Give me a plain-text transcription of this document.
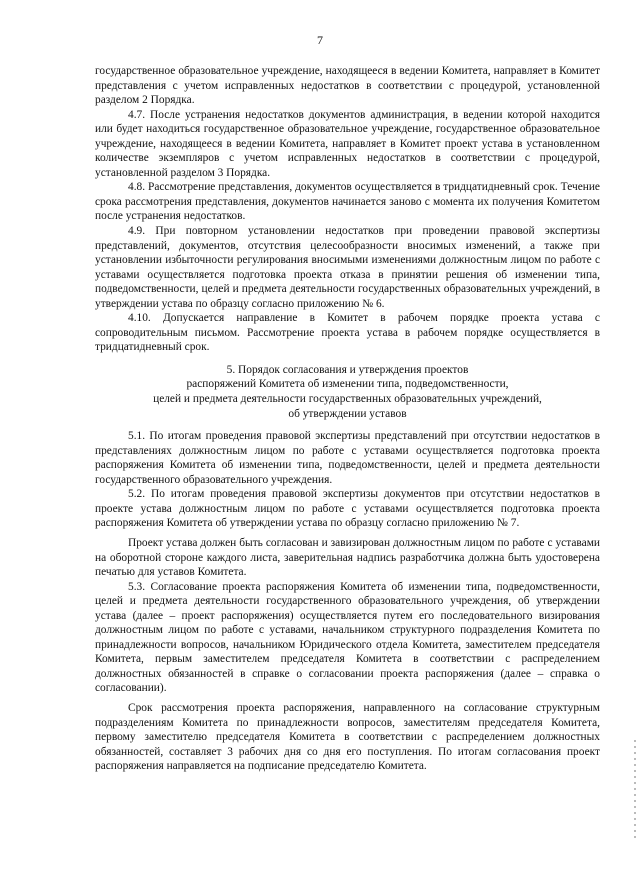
7

государственное образовательное учреждение, находящееся в ведении Комитета, направляет в Комитет представления с учетом исправленных недостатков в соответствии с процедурой, установленной разделом 2 Порядка.

4.7. После устранения недостатков документов администрация, в ведении которой находится или будет находиться государственное образовательное учреждение, государственное образовательное учреждение, находящееся в ведении Комитета, направляет в Комитет проект устава в установленном количестве экземпляров с учетом исправленных недостатков в соответствии с процедурой, установленной разделом 3 Порядка.

4.8. Рассмотрение представления, документов осуществляется в тридцатидневный срок. Течение срока рассмотрения представления, документов начинается заново с момента их получения Комитетом после устранения недостатков.

4.9. При повторном установлении недостатков при проведении правовой экспертизы представлений, документов, отсутствия целесообразности вносимых изменений, а также при установлении избыточности регулирования вносимыми изменениями должностным лицом по работе с уставами осуществляется подготовка проекта отказа в принятии решения об изменении типа, подведомственности, целей и предмета деятельности государственных образовательных учреждений, в утверждении устава по образцу согласно приложению № 6.

4.10. Допускается направление в Комитет в рабочем порядке проекта устава с сопроводительным письмом. Рассмотрение проекта устава в рабочем порядке осуществляется в тридцатидневный срок.

5. Порядок согласования и утверждения проектов

распоряжений Комитета об изменении типа, подведомственности,

целей и предмета деятельности государственных образовательных учреждений,

об утверждении уставов

5.1. По итогам проведения правовой экспертизы представлений при отсутствии недостатков в представлениях должностным лицом по работе с уставами осуществляется подготовка проекта распоряжения Комитета об изменении типа, подведомственности, целей и предмета деятельности государственного образовательного учреждения.

5.2. По итогам проведения правовой экспертизы документов при отсутствии недостатков в проекте устава должностным лицом по работе с уставами осуществляется подготовка проекта распоряжения Комитета об утверждении устава по образцу согласно приложению № 7.

Проект устава должен быть согласован и завизирован должностным лицом по работе с уставами на оборотной стороне каждого листа, заверительная надпись разработчика должна быть удостоверена печатью для уставов Комитета.

5.3. Согласование проекта распоряжения Комитета об изменении типа, подведомственности, целей и предмета деятельности государственного образовательного учреждения, об утверждении устава (далее – проект распоряжения) осуществляется путем его последовательного визирования должностным лицом по работе с уставами, начальником структурного подразделения Комитета по принадлежности вопросов, начальником Юридического отдела Комитета, заместителем председателя Комитета, первым заместителем председателя Комитета в соответствии с распределением должностных обязанностей в справке о согласовании проекта распоряжения (далее – справка о согласовании).

Срок рассмотрения проекта распоряжения, направленного на согласование структурным подразделениям Комитета по принадлежности вопросов, заместителям председателя Комитета, первому заместителю председателя Комитета в соответствии с распределением должностных обязанностей, составляет 3 рабочих дня со дня его поступления. По итогам согласования проект распоряжения направляется на подписание председателю Комитета.
